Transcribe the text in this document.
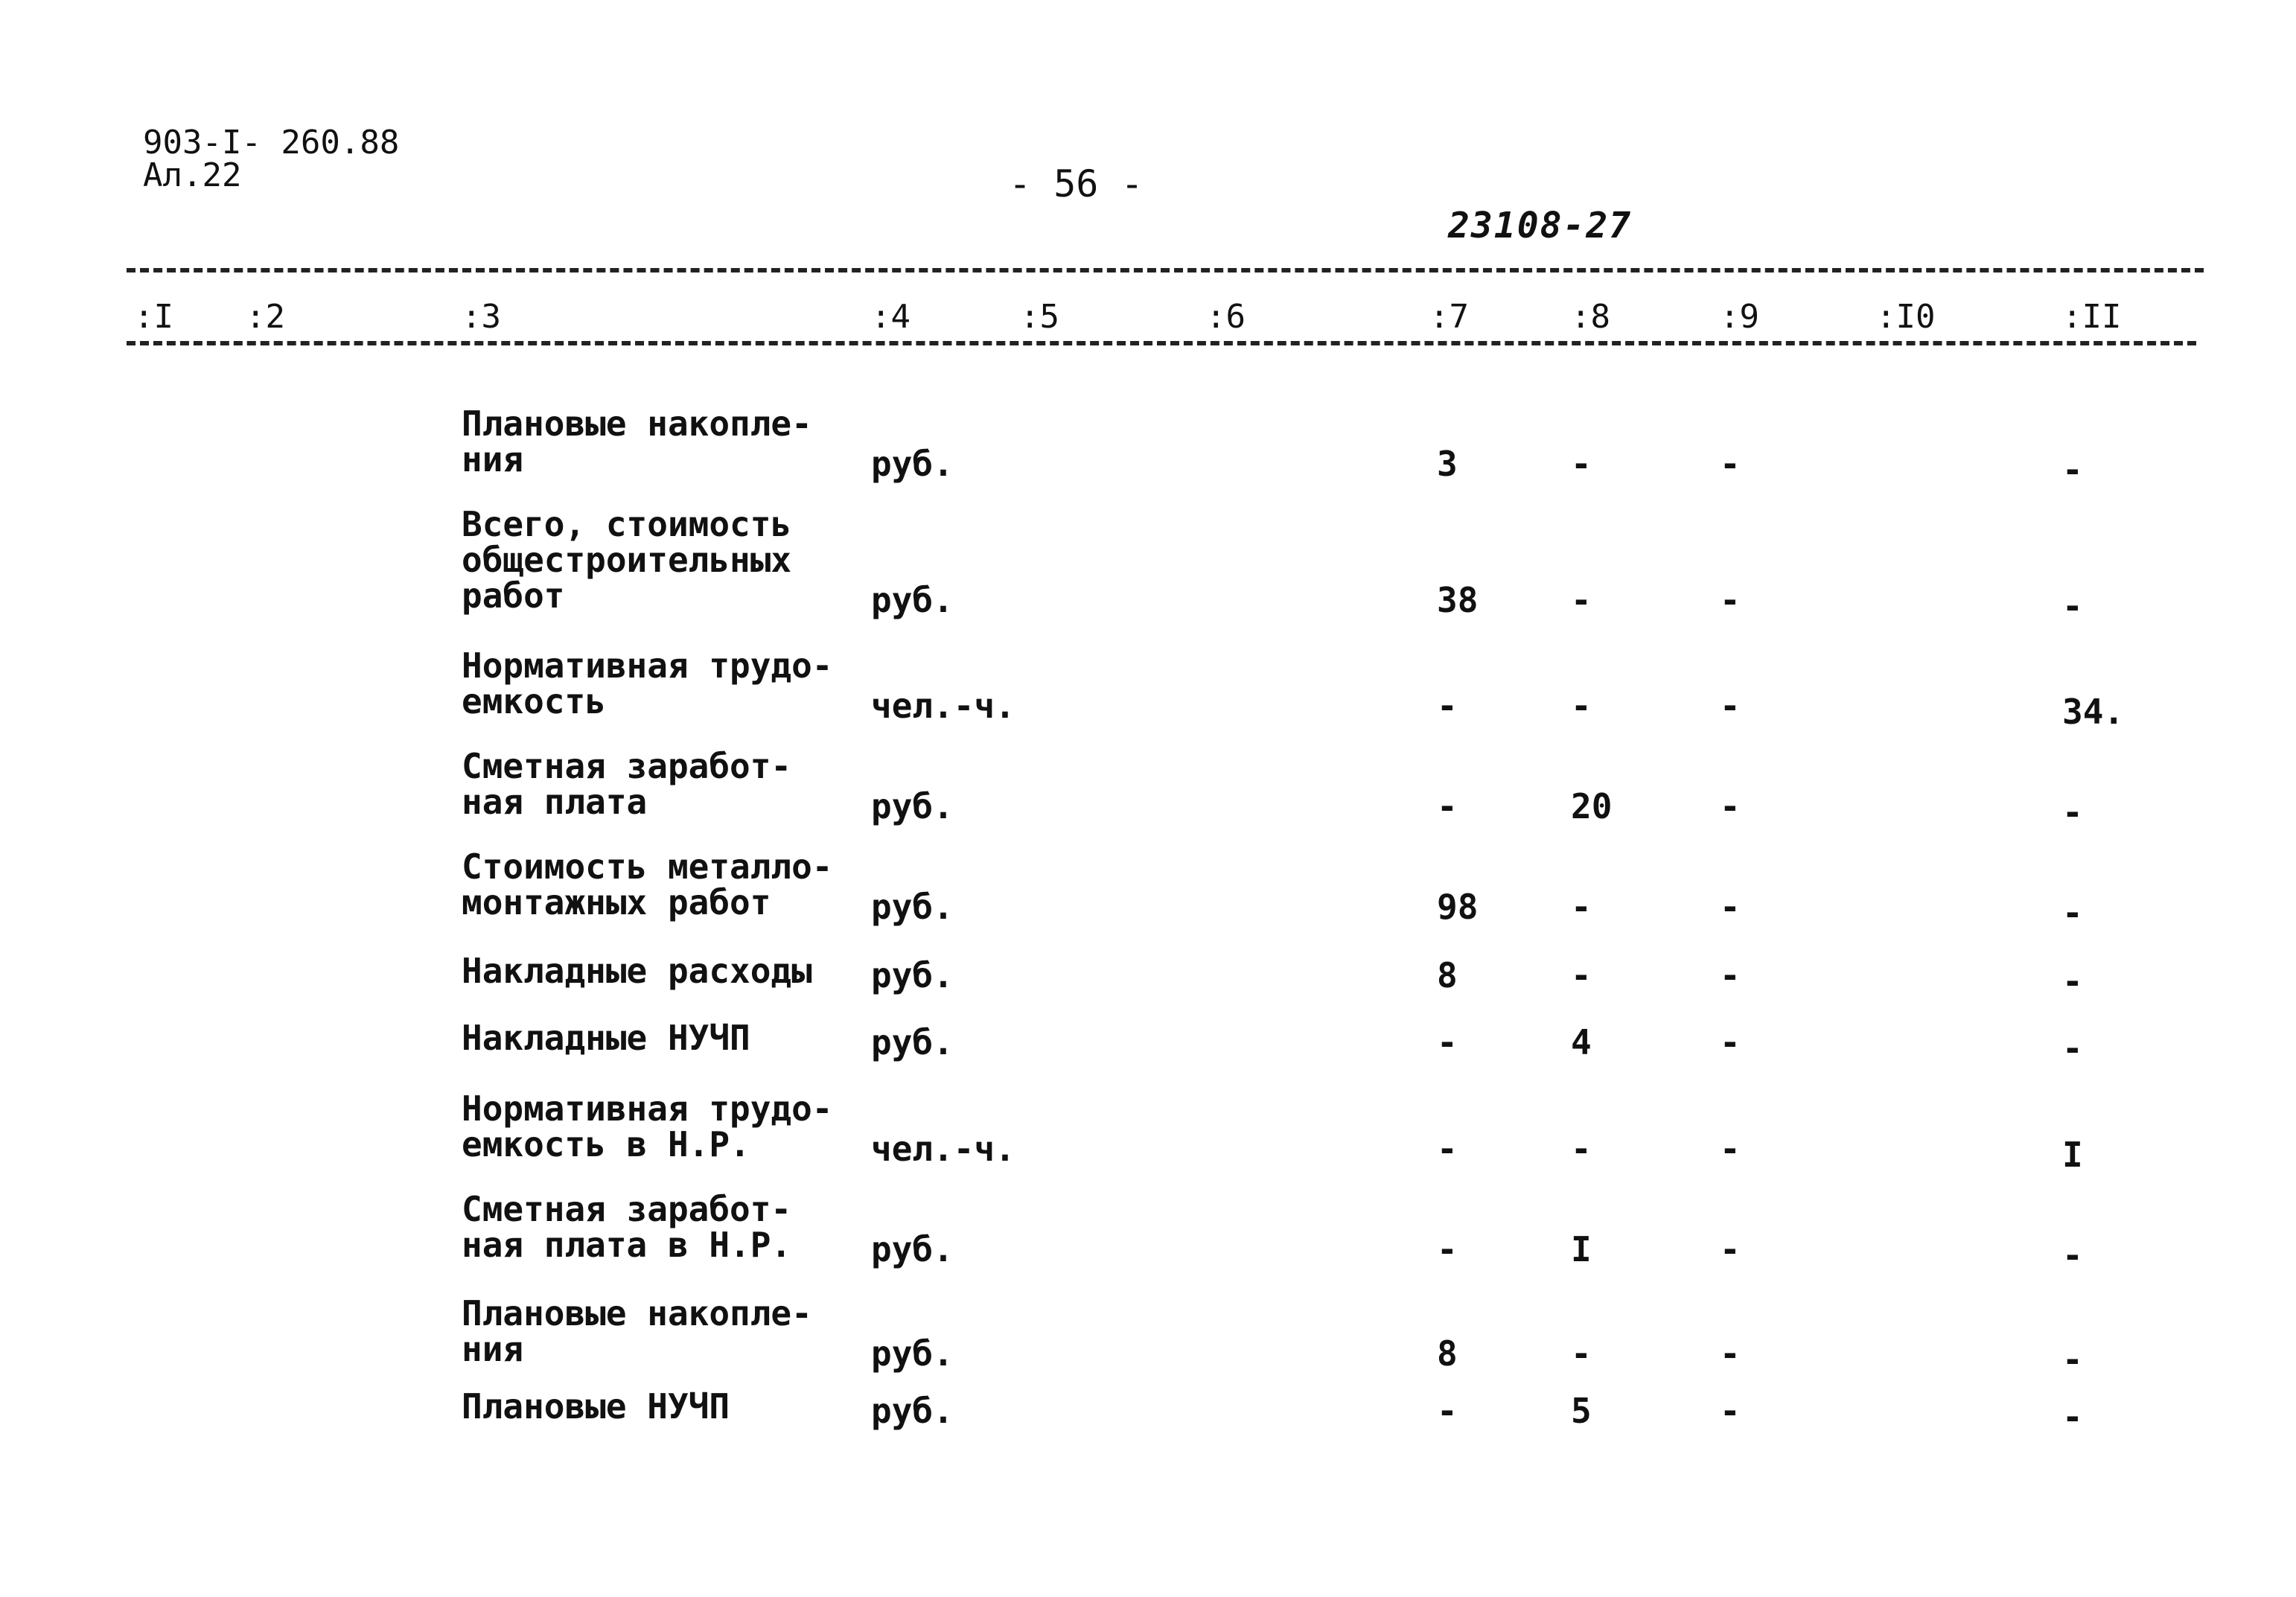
903-I- 260.88
Ал.22	- 56 -
23108-27
:I :2	:3	:4	:5	:6	:7	:8	:9	:I0	:II
Плановые накопле-
ния	руб.	3	-	-	-
Всего, стоимость
общестроительных
работ	руб.	38	-	-	-
Нормативная трудо-
емкость	чел.-ч.	-	-	-	34.
Сметная заработ-
ная плата	руб.	-	20	-	-
Стоимость металло-
монтажных работ	руб.	98	-	-	-
Накладные расходы руб.	8	-	-	-
Накладные НУЧП	руб.	-	4	-	-
Нормативная трудо-
емкость в Н.Р.	чел.-ч.	-	-	-	I
Сметная заработ-
ная плата в Н.Р. руб.	-	I	-	-
Плановые накопле-
ния	руб.	8	-	-	-
Плановые НУЧП	руб.	-	5	-	-
